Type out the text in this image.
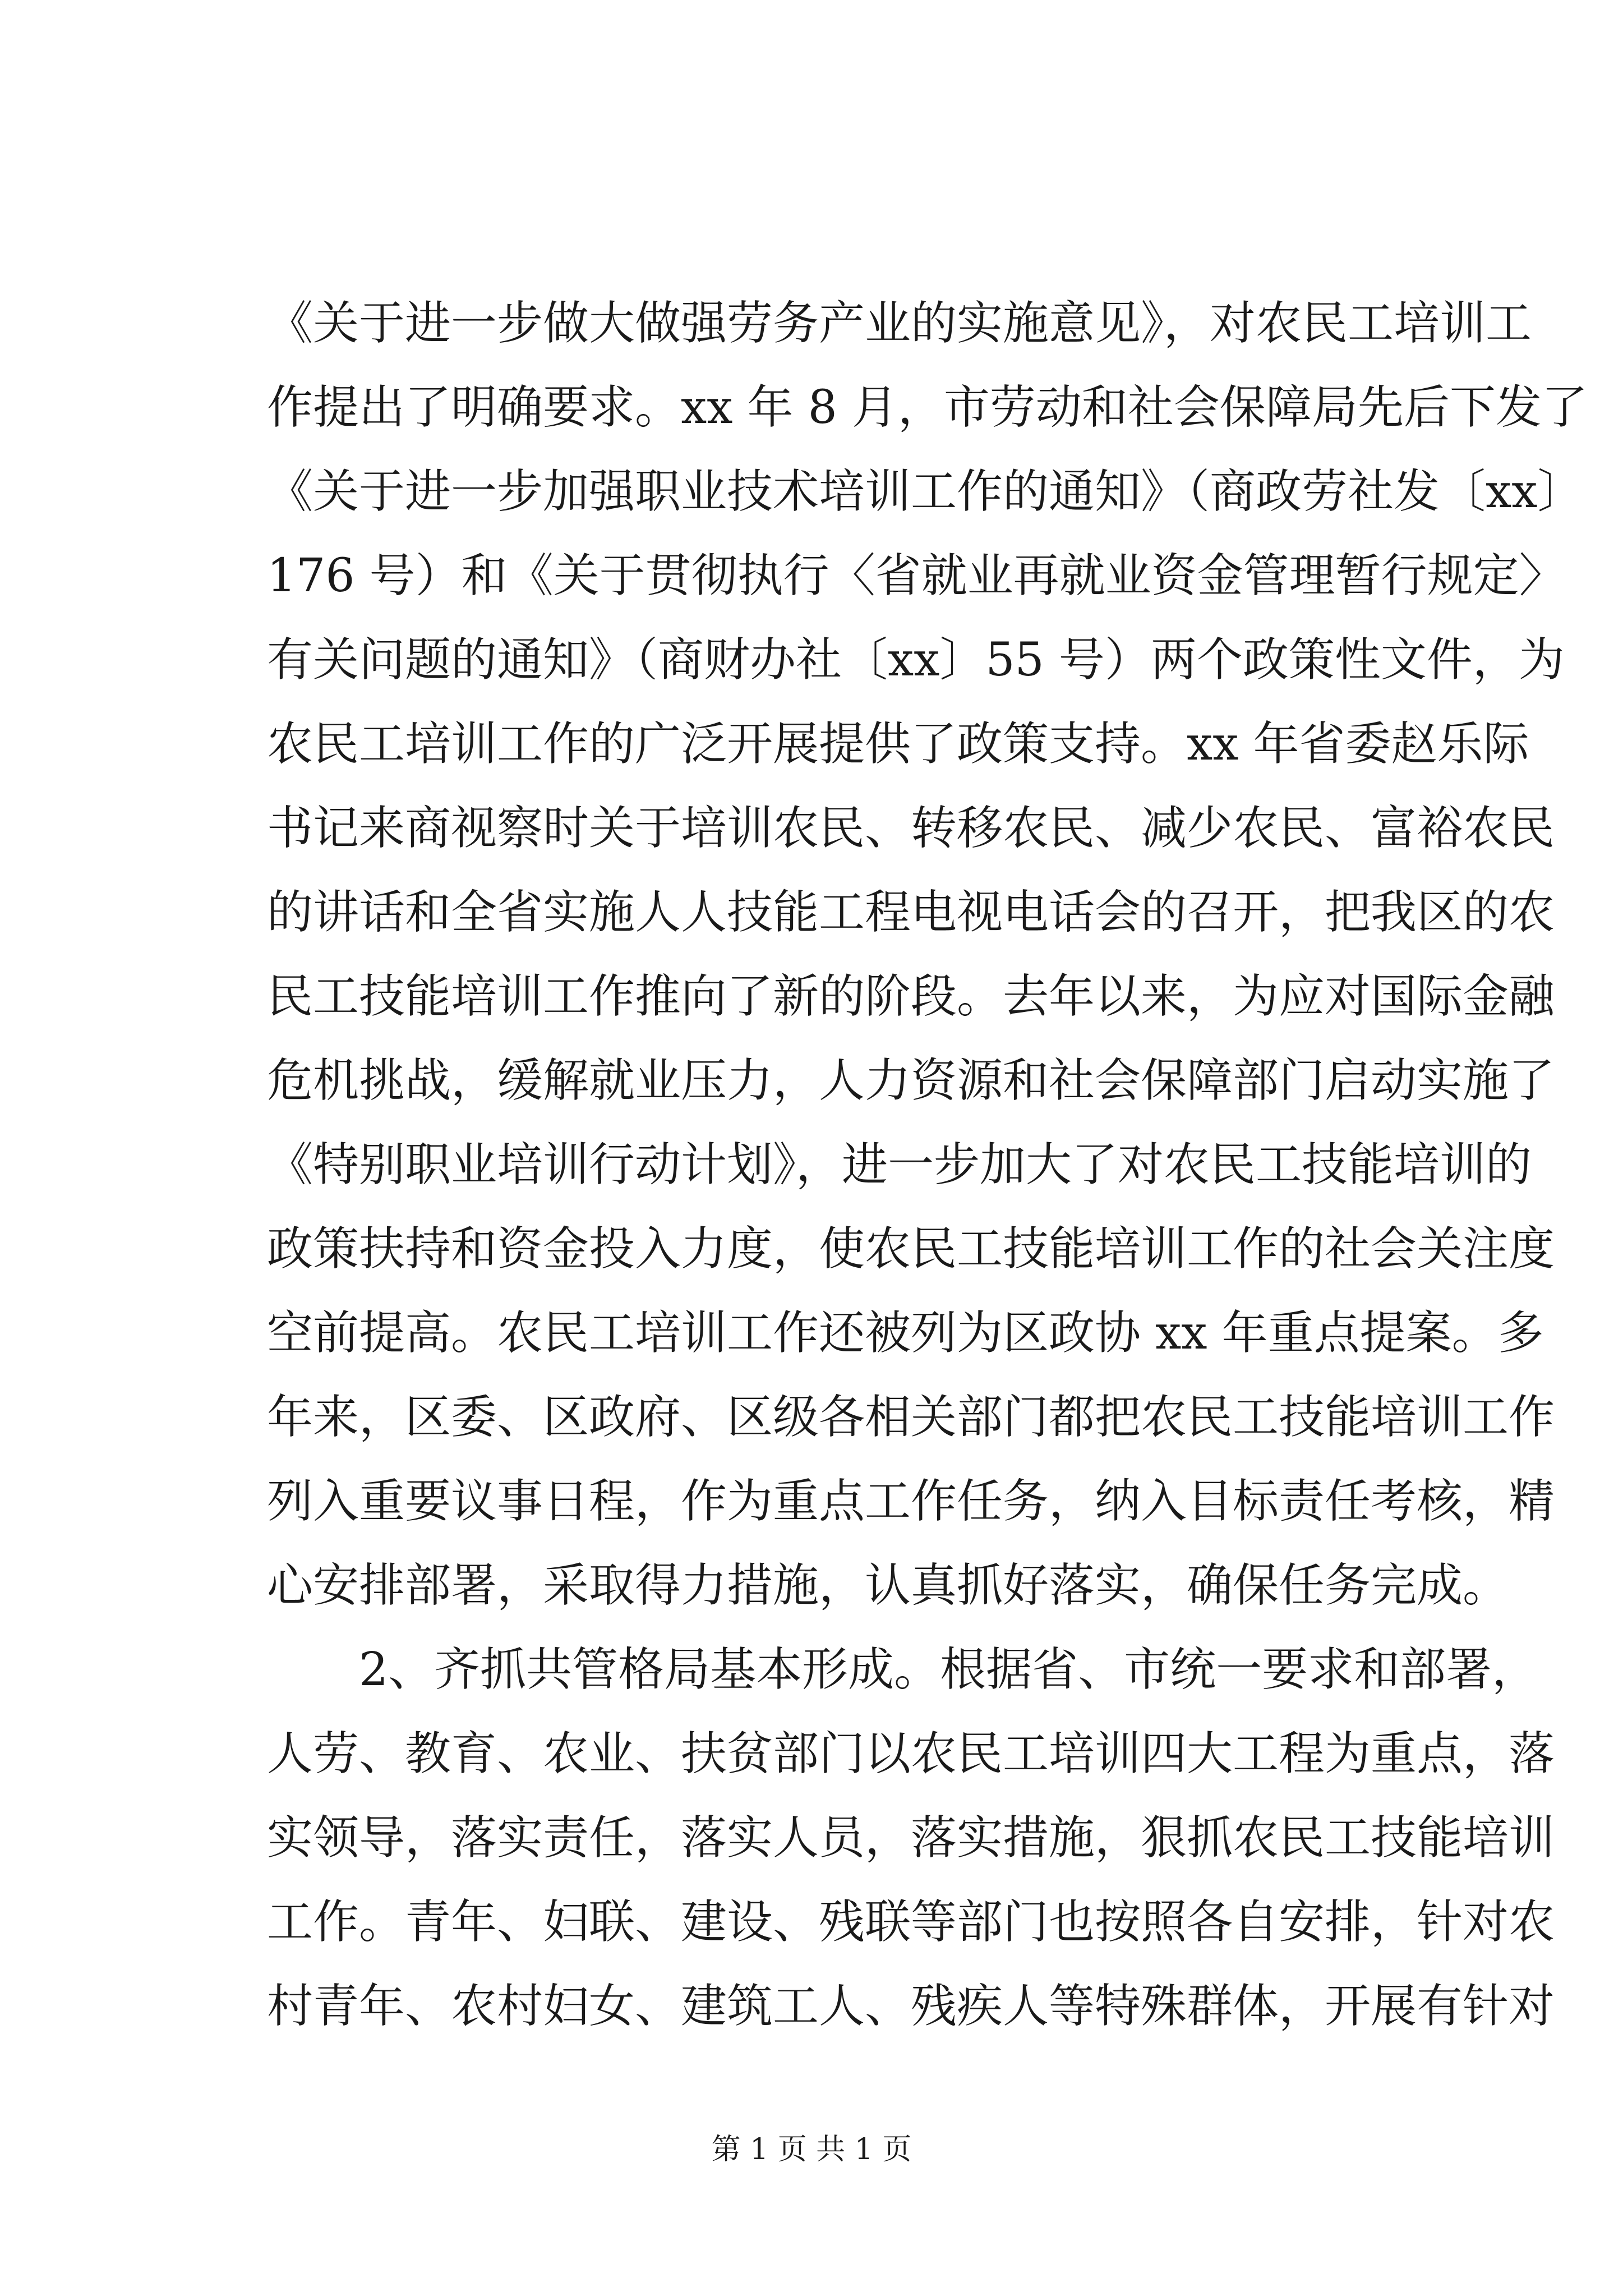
《关于进一步做大做强劳务产业的实施意见》，对农民工培训工
作提出了明确要求。xx 年 8 月，市劳动和社会保障局先后下发了
《关于进一步加强职业技术培训工作的通知》（商政劳社发〔xx〕
176 号）和《关于贯彻执行〈省就业再就业资金管理暂行规定〉
有关问题的通知》（商财办社〔xx〕55 号）两个政策性文件，为
农民工培训工作的广泛开展提供了政策支持。xx 年省委赵乐际
书记来商视察时关于培训农民、转移农民、减少农民、富裕农民
的讲话和全省实施人人技能工程电视电话会的召开，把我区的农
民工技能培训工作推向了新的阶段。去年以来，为应对国际金融
危机挑战，缓解就业压力，人力资源和社会保障部门启动实施了
《特别职业培训行动计划》，进一步加大了对农民工技能培训的
政策扶持和资金投入力度，使农民工技能培训工作的社会关注度
空前提高。农民工培训工作还被列为区政协 xx 年重点提案。多
年来，区委、区政府、区级各相关部门都把农民工技能培训工作
列入重要议事日程，作为重点工作任务，纳入目标责任考核，精
心安排部署，采取得力措施，认真抓好落实，确保任务完成。
2、齐抓共管格局基本形成。根据省、市统一要求和部署，
人劳、教育、农业、扶贫部门以农民工培训四大工程为重点，落
实领导，落实责任，落实人员，落实措施，狠抓农民工技能培训
工作。青年、妇联、建设、残联等部门也按照各自安排，针对农
村青年、农村妇女、建筑工人、残疾人等特殊群体，开展有针对
第 1 页 共 1 页
